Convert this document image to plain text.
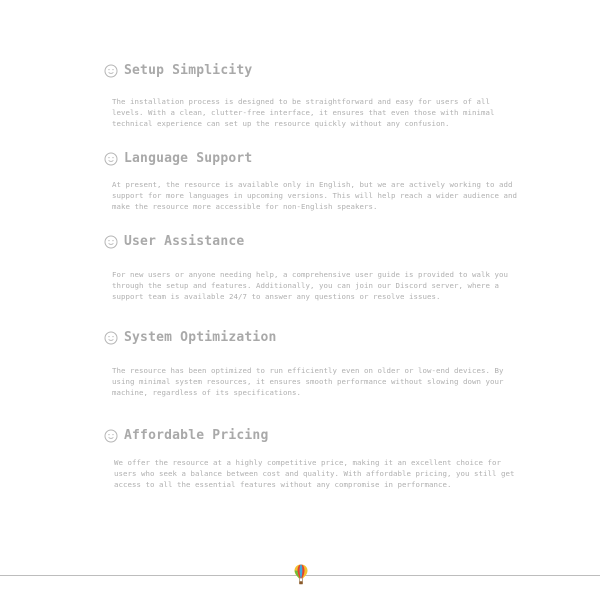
Setup Simplicity
The installation process is designed to be straightforward and easy for users of all levels. With a clean, clutter-free interface, it ensures that even those with minimal technical experience can set up the resource quickly without any confusion.
Language Support
At present, the resource is available only in English, but we are actively working to add support for more languages in upcoming versions. This will help reach a wider audience and make the resource more accessible for non-English speakers.
User Assistance
For new users or anyone needing help, a comprehensive user guide is provided to walk you through the setup and features. Additionally, you can join our Discord server, where a support team is available 24/7 to answer any questions or resolve issues.
System Optimization
The resource has been optimized to run efficiently even on older or low-end devices. By using minimal system resources, it ensures smooth performance without slowing down your machine, regardless of its specifications.
Affordable Pricing
We offer the resource at a highly competitive price, making it an excellent choice for users who seek a balance between cost and quality. With affordable pricing, you still get access to all the essential features without any compromise in performance.
